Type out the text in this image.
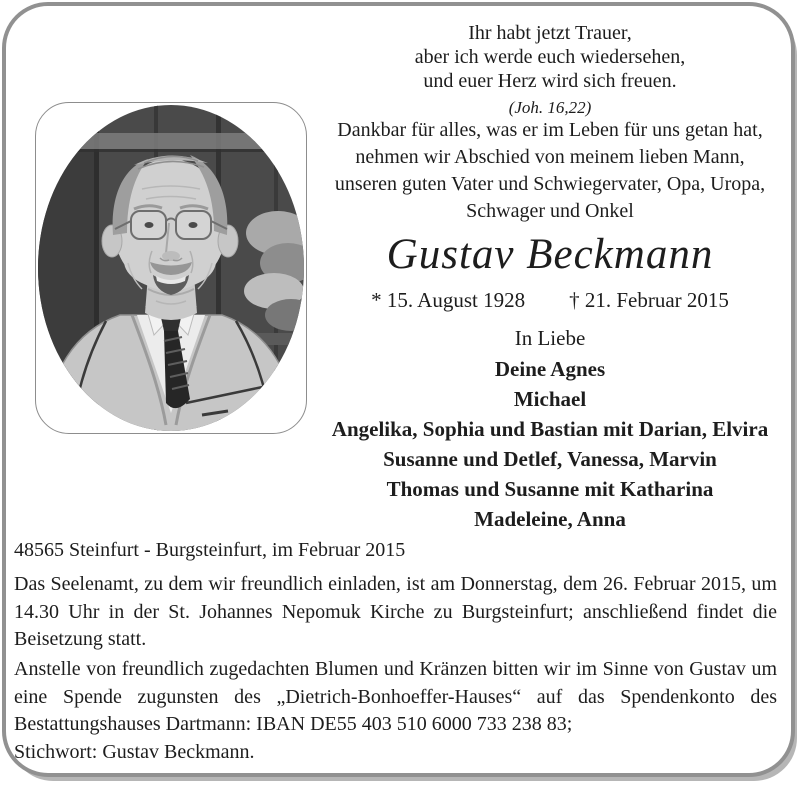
Ihr habt jetzt Trauer,
aber ich werde euch wiedersehen,
und euer Herz wird sich freuen.
(Joh. 16,22)
Dankbar für alles, was er im Leben für uns getan hat,
nehmen wir Abschied von meinem lieben Mann,
unseren guten Vater und Schwiegervater, Opa, Uropa,
Schwager und Onkel
Gustav Beckmann
* 15. August 1928 † 21. Februar 2015
In Liebe
Deine Agnes
Michael
Angelika, Sophia und Bastian mit Darian, Elvira
Susanne und Detlef, Vanessa, Marvin
Thomas und Susanne mit Katharina
Madeleine, Anna
48565 Steinfurt - Burgsteinfurt, im Februar 2015
Das Seelenamt, zu dem wir freundlich einladen, ist am Donnerstag, dem 26. Februar 2015, um
14.30 Uhr in der St. Johannes Nepomuk Kirche zu Burgsteinfurt; anschließend findet die
Beisetzung statt.
Anstelle von freundlich zugedachten Blumen und Kränzen bitten wir im Sinne von Gustav um
eine Spende zugunsten des „Dietrich-Bonhoeffer-Hauses“ auf das Spendenkonto des
Bestattungshauses Dartmann: IBAN DE55 403 510 6000 733 238 83;
Stichwort: Gustav Beckmann.
